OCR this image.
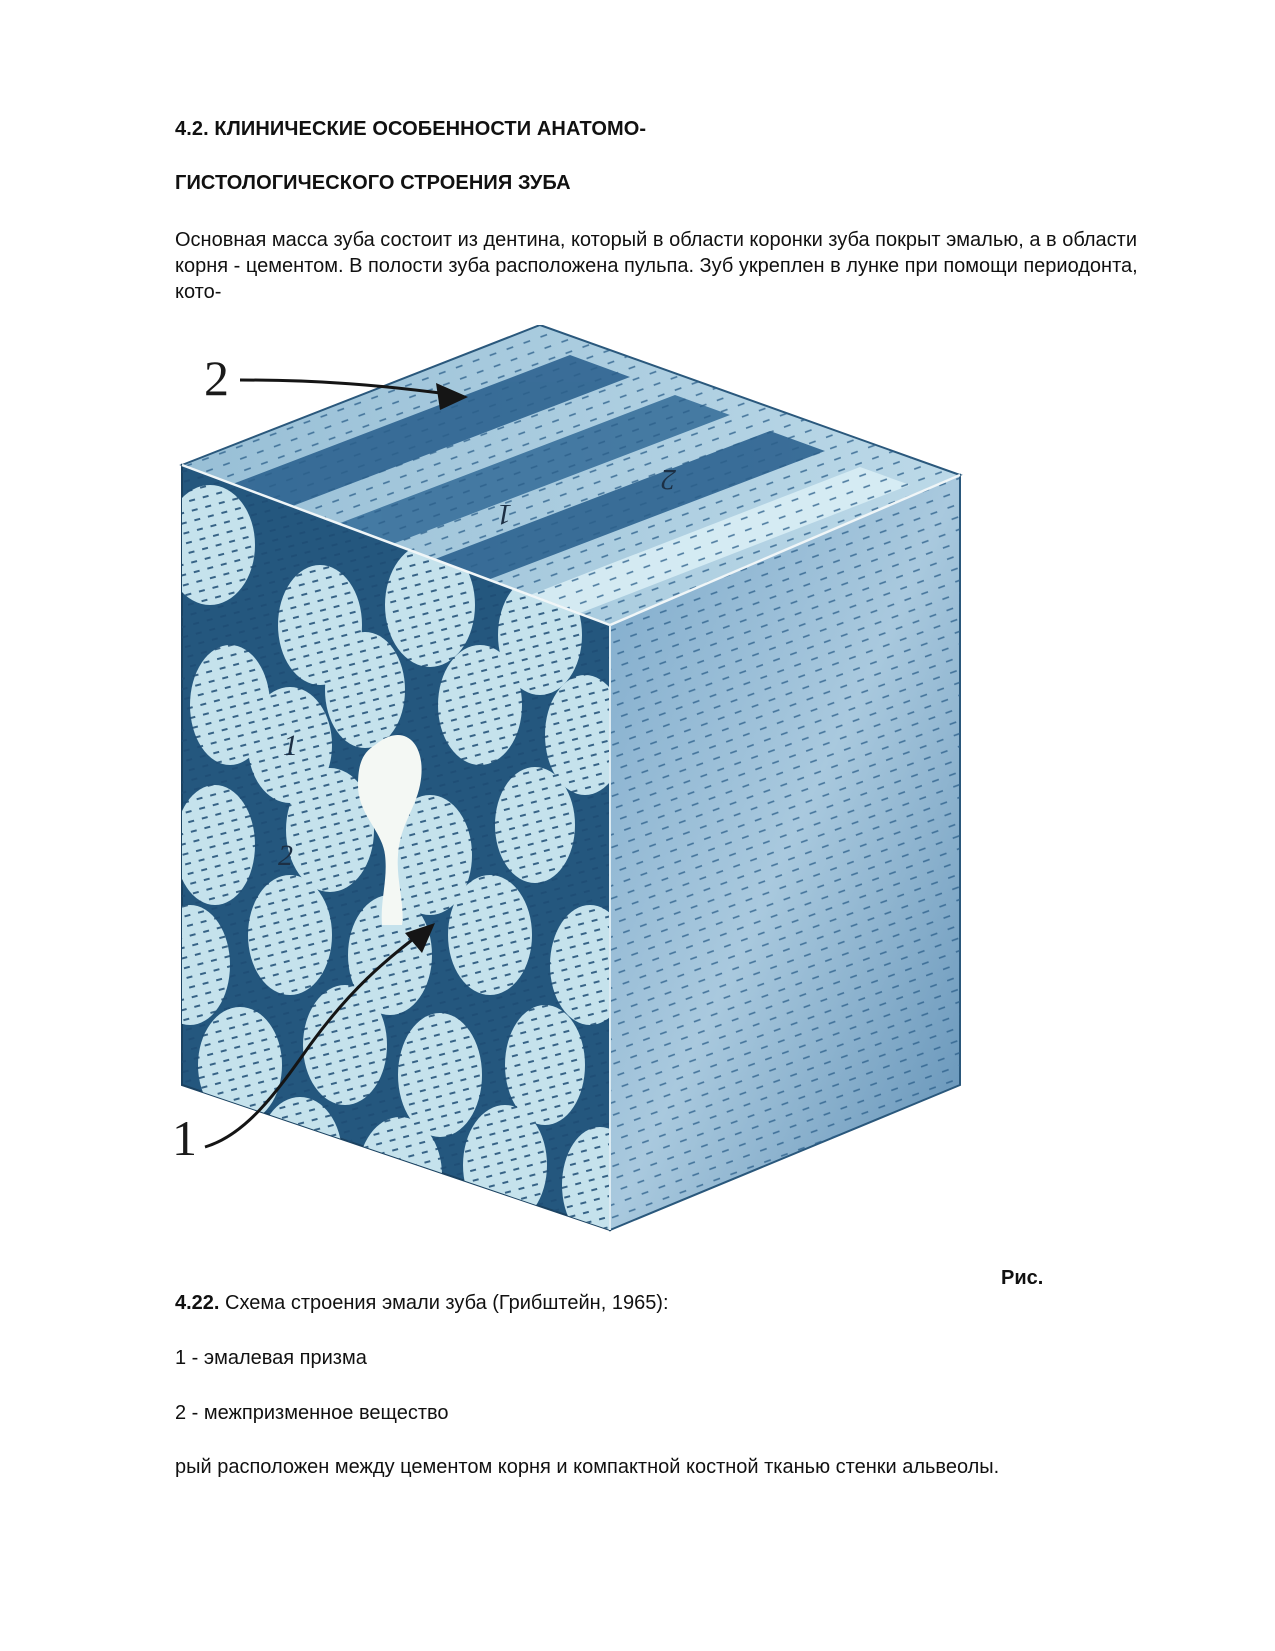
4.2. КЛИНИЧЕСКИЕ ОСОБЕННОСТИ АНАТОМО-
ГИСТОЛОГИЧЕСКОГО СТРОЕНИЯ ЗУБА

Основная масса зуба состоит из дентина, который в области коронки зуба покрыт эмалью, а в области корня - цементом. В полости зуба расположена пульпа. Зуб укреплен в лунке при помощи периодонта, кото-

1
2
1
2
2
1
Рис.
4.22. Схема строения эмали зуба (Грибштейн, 1965):
1 - эмалевая призма
2 - межпризменное вещество
рый расположен между цементом корня и компактной костной тканью стенки альвеолы.
